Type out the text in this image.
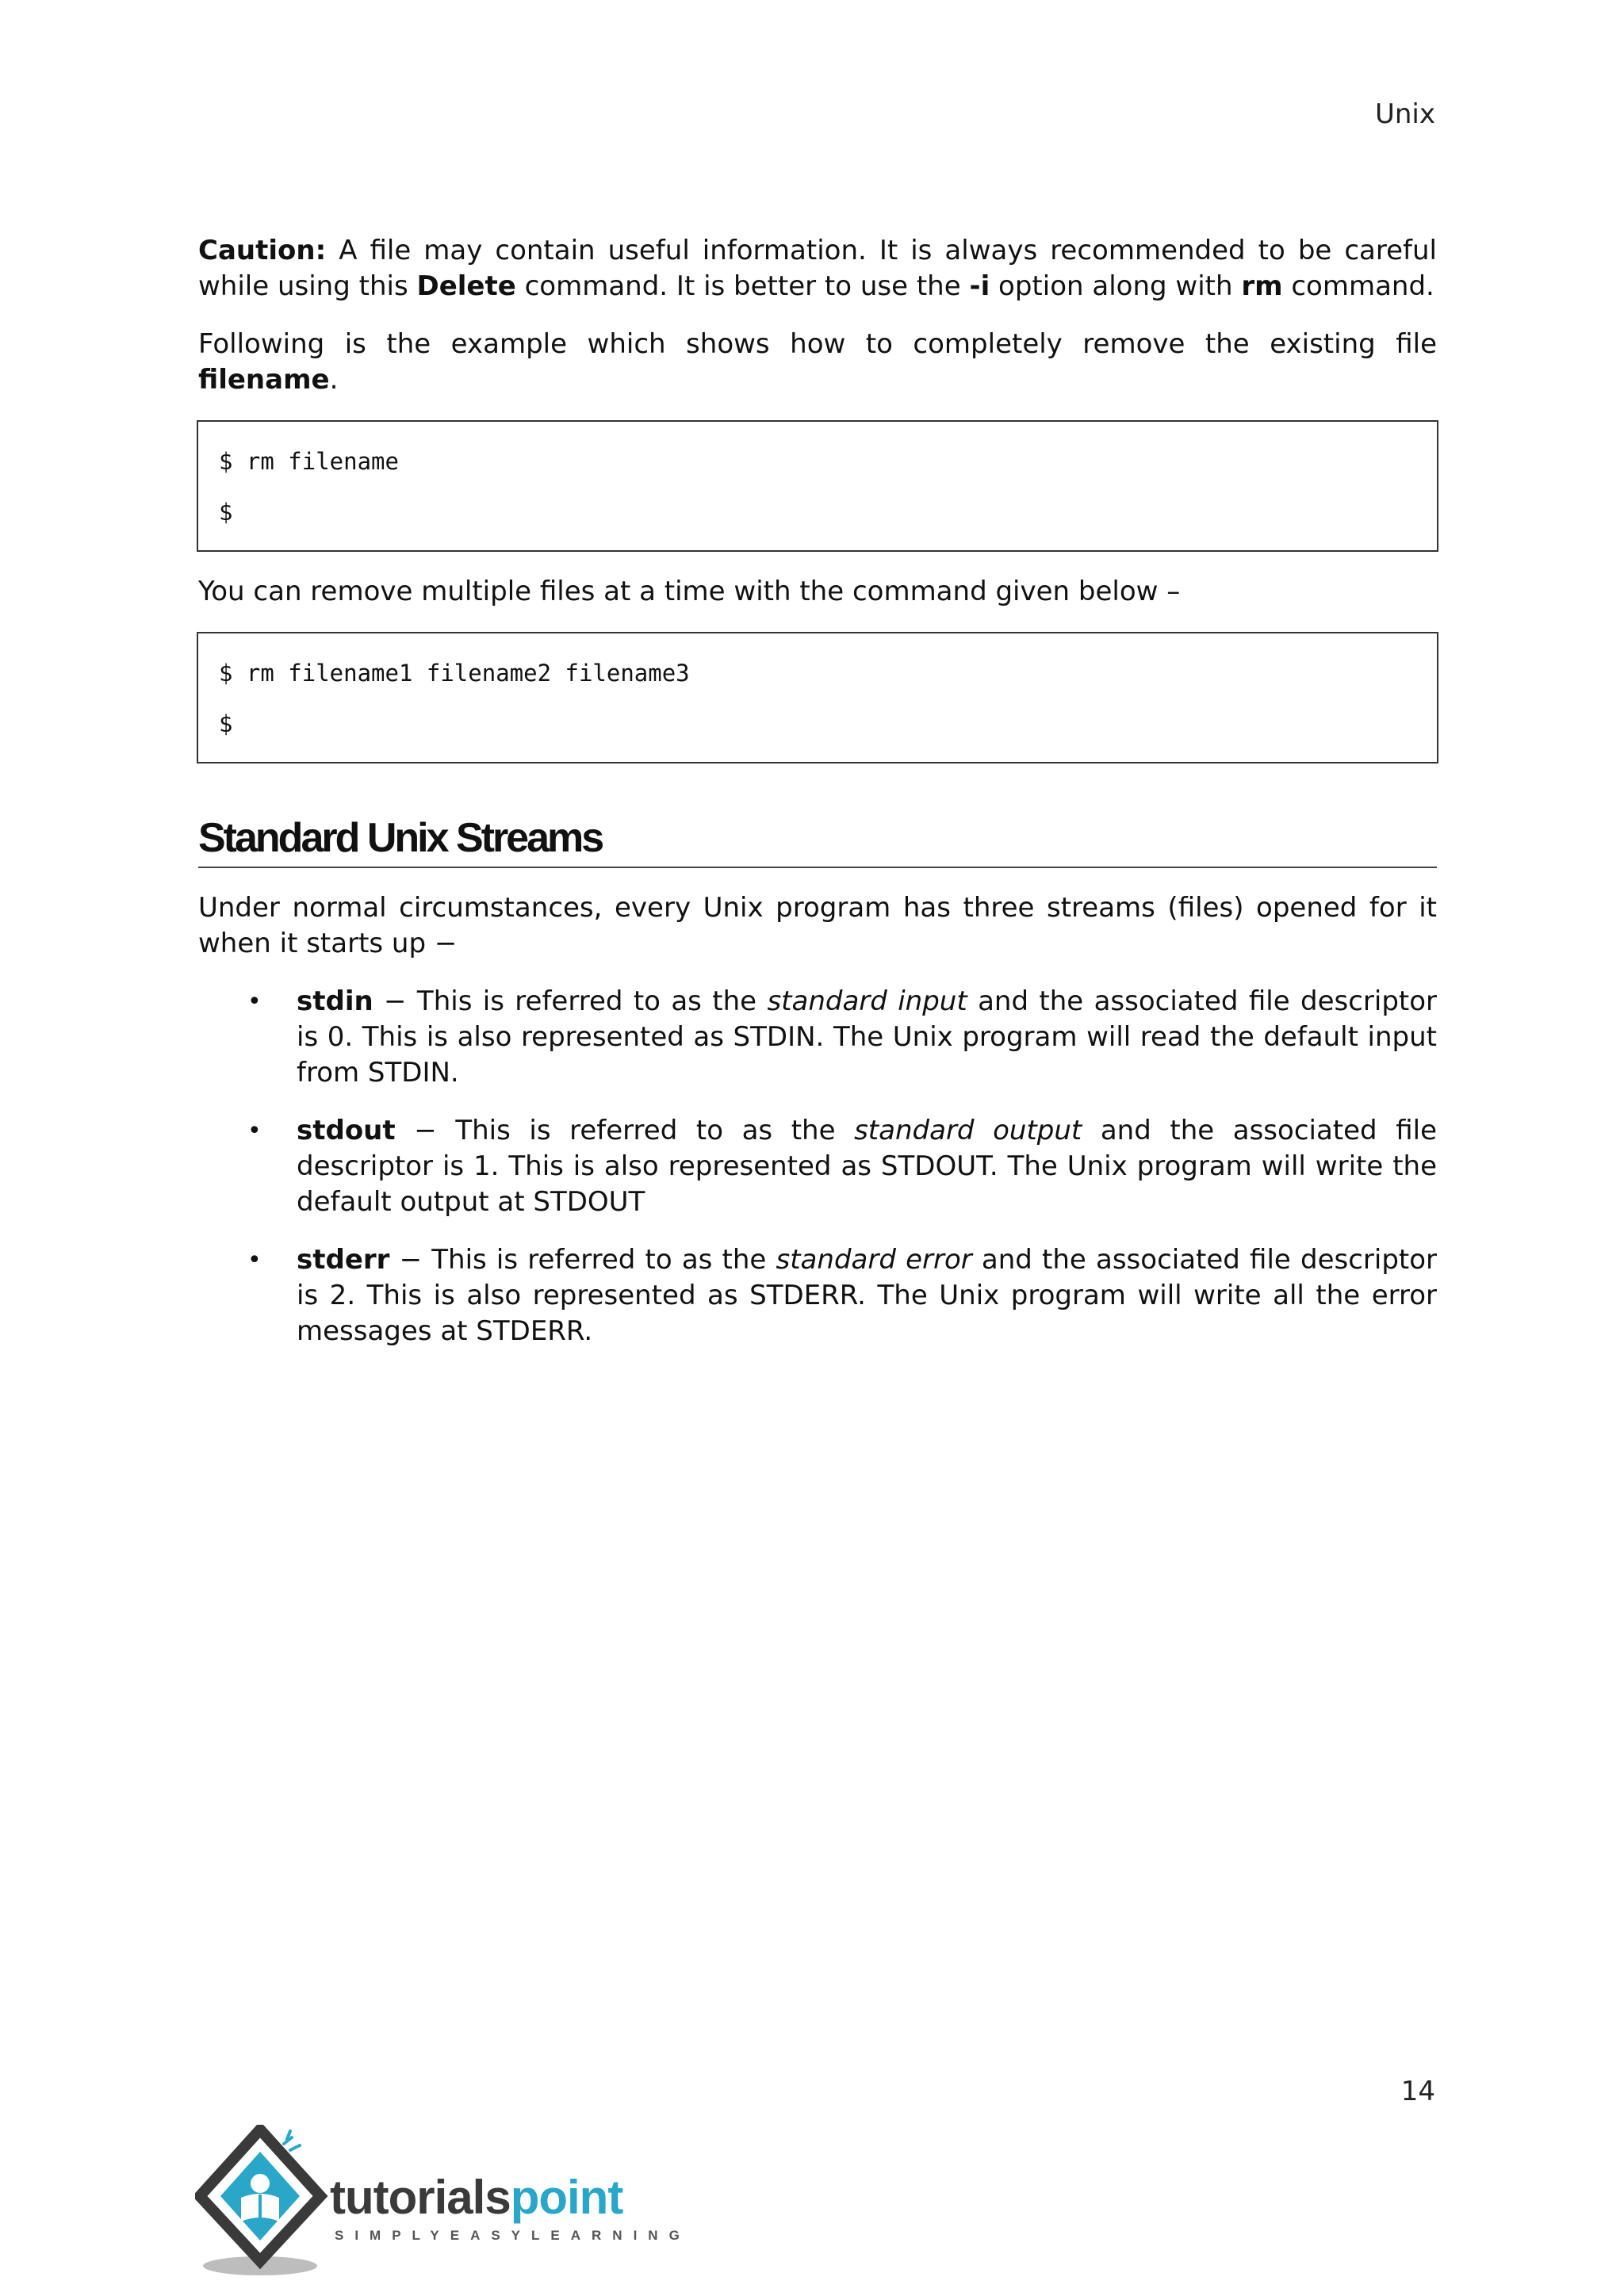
Unix

Caution: A file may contain useful information. It is always recommended to be careful while using this Delete command. It is better to use the -i option along with rm command.

Following is the example which shows how to completely remove the existing file filename.

$ rm filename
$

You can remove multiple files at a time with the command given below –

$ rm filename1 filename2 filename3
$
Standard Unix Streams

Under normal circumstances, every Unix program has three streams (files) opened for it when it starts up −

• stdin − This is referred to as the standard input and the associated file descriptor is 0. This is also represented as STDIN. The Unix program will read the default input from STDIN.
• stdout − This is referred to as the standard output and the associated file descriptor is 1. This is also represented as STDOUT. The Unix program will write the default output at STDOUT
• stderr − This is referred to as the standard error and the associated file descriptor is 2. This is also represented as STDERR. The Unix program will write all the error messages at STDERR.
14
tutorialspoint
SIMPLYEASYLEARNING
